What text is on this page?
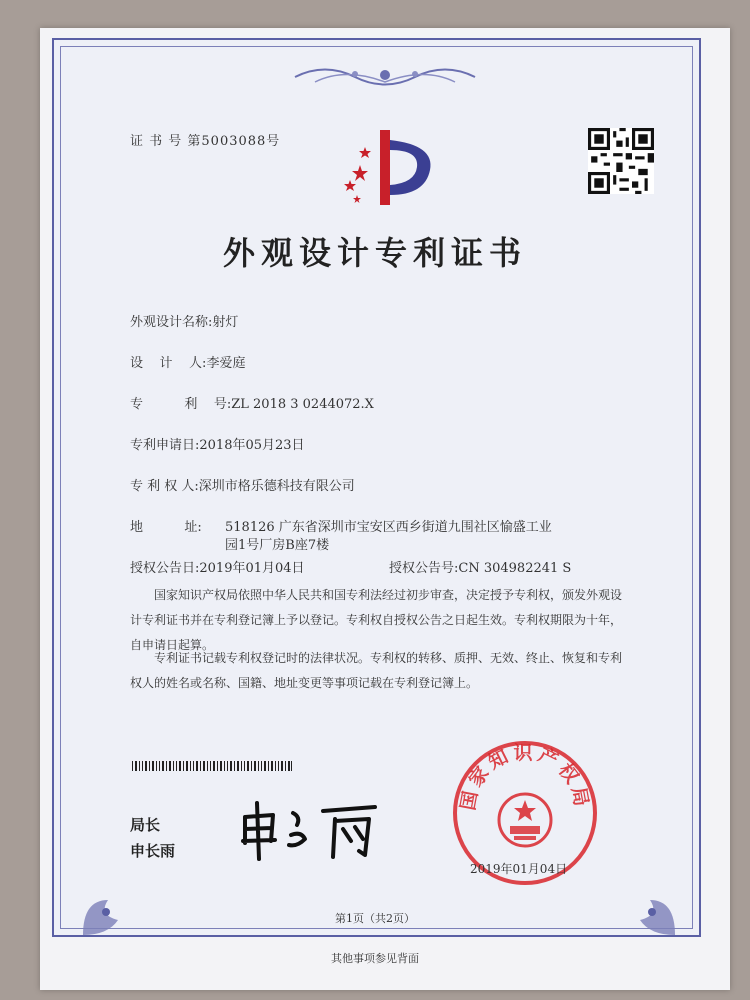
证 书 号 第5003088号
外观设计专利证书
外观设计名称:射灯
设    计    人:李爱庭
专          利    号:ZL 2018 3 0244072.X
专利申请日:2018年05月23日
专 利 权 人:深圳市格乐德科技有限公司
地          址: 518126 广东省深圳市宝安区西乡街道九围社区愉盛工业
园1号厂房B座7楼
授权公告日:2019年01月04日	授权公告号:CN 304982241 S

国家知识产权局依照中华人民共和国专利法经过初步审查，决定授予专利权，颁发外观设计专利证书并在专利登记簿上予以登记。专利权自授权公告之日起生效。专利权期限为十年，自申请日起算。

专利证书记载专利权登记时的法律状况。专利权的转移、质押、无效、终止、恢复和专利权人的姓名或名称、国籍、地址变更等事项记载在专利登记簿上。

局长
申长雨
国家知识产权局
2019年01月04日
第1页（共2页）
其他事项参见背面
